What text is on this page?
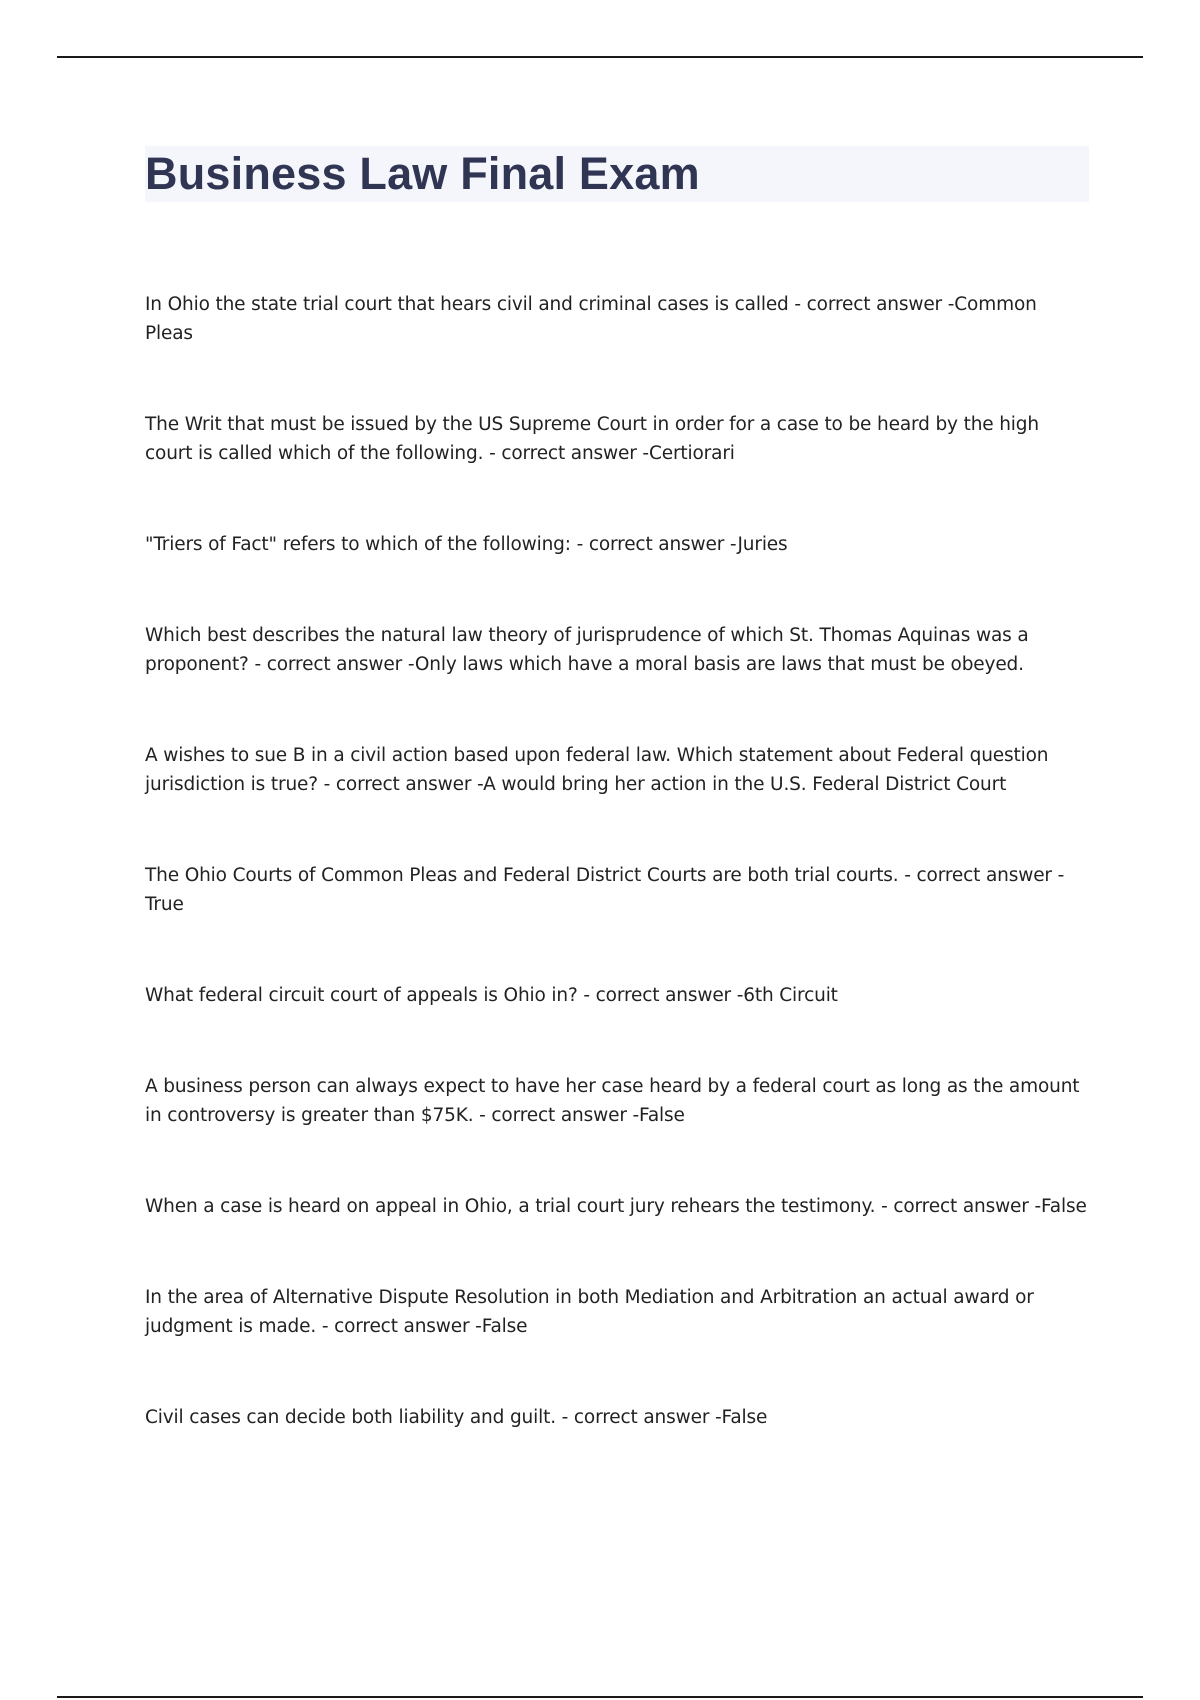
Business Law Final Exam
In Ohio the state trial court that hears civil and criminal cases is called - correct answer -Common Pleas
The Writ that must be issued by the US Supreme Court in order for a case to be heard by the high court is called which of the following. - correct answer -Certiorari
"Triers of Fact" refers to which of the following: - correct answer -Juries
Which best describes the natural law theory of jurisprudence of which St. Thomas Aquinas was a proponent? - correct answer -Only laws which have a moral basis are laws that must be obeyed.
A wishes to sue B in a civil action based upon federal law. Which statement about Federal question jurisdiction is true? - correct answer -A would bring her action in the U.S. Federal District Court
The Ohio Courts of Common Pleas and Federal District Courts are both trial courts. - correct answer - True
What federal circuit court of appeals is Ohio in? - correct answer -6th Circuit
A business person can always expect to have her case heard by a federal court as long as the amount in controversy is greater than $75K. - correct answer -False
When a case is heard on appeal in Ohio, a trial court jury rehears the testimony. - correct answer -False
In the area of Alternative Dispute Resolution in both Mediation and Arbitration an actual award or judgment is made. - correct answer -False
Civil cases can decide both liability and guilt. - correct answer -False
